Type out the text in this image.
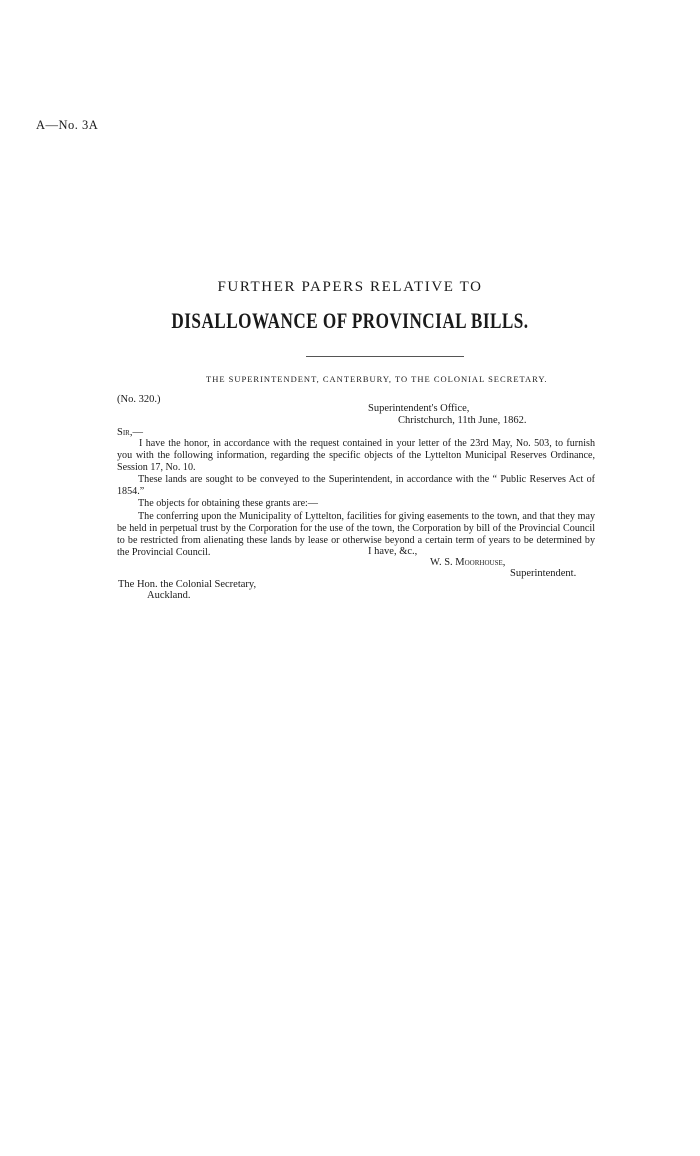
A—No. 3A
FURTHER PAPERS RELATIVE TO
DISALLOWANCE OF PROVINCIAL BILLS.
THE SUPERINTENDENT, CANTERBURY, TO THE COLONIAL SECRETARY.
(No. 320.)
Superintendent's Office,
Christchurch, 11th June, 1862.
Sir,—

I have the honor, in accordance with the request contained in your letter of the 23rd May, No. 503, to furnish you with the following information, regarding the specific objects of the Lyttelton Municipal Reserves Ordinance, Session 17, No. 10.

These lands are sought to be conveyed to the Superintendent, in accordance with the “ Public Reserves Act of 1854.”

The objects for obtaining these grants are:—

The conferring upon the Municipality of Lyttelton, facilities for giving easements to the town, and that they may be held in perpetual trust by the Corporation for the use of the town, the Corporation by bill of the Provincial Council to be restricted from alienating these lands by lease or otherwise beyond a certain term of years to be determined by the Provincial Council.	I have, &c.,
W. S. Moorhouse,
Superintendent.
The Hon. the Colonial Secretary,
Auckland.
